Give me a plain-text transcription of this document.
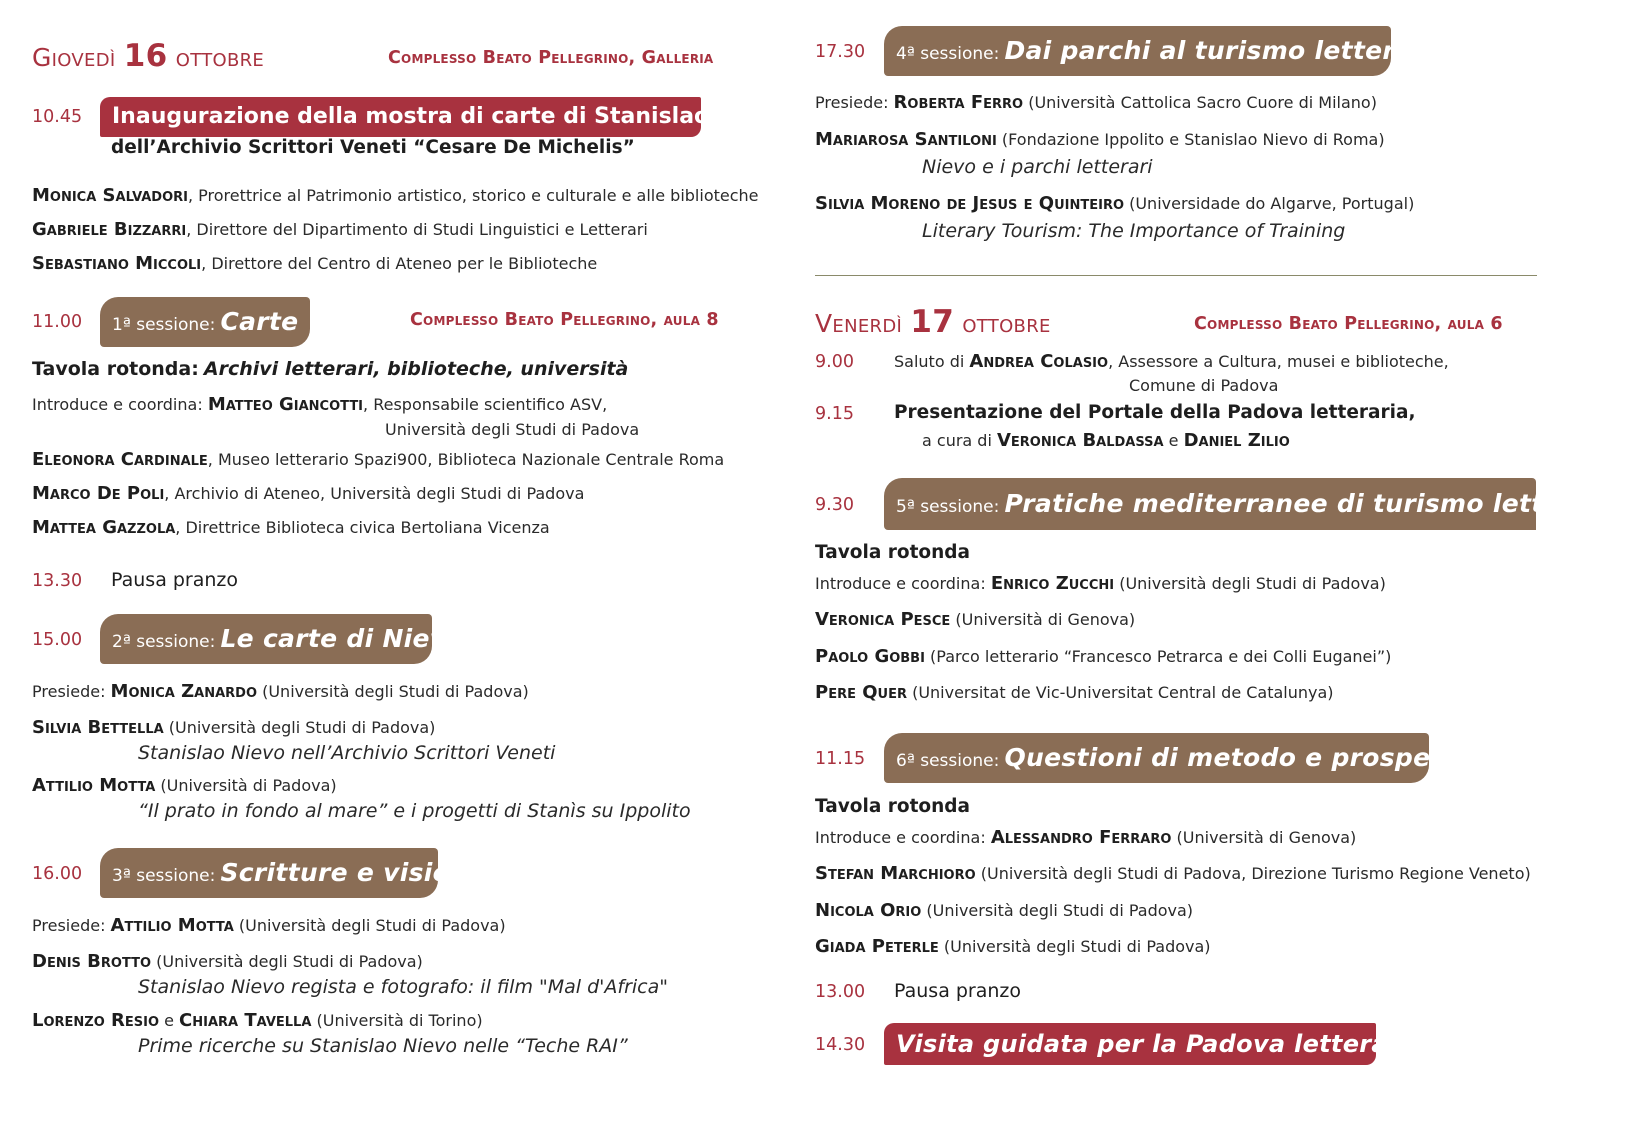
Giovedì 16 ottobre	Complesso Beato Pellegrino, Galleria
10.45	Inaugurazione della mostra di carte di Stanislao Nievo
dell’Archivio Scrittori Veneti “Cesare De Michelis”
Monica Salvadori, Prorettrice al Patrimonio artistico, storico e culturale e alle biblioteche
Gabriele Bizzarri, Direttore del Dipartimento di Studi Linguistici e Letterari
Sebastiano Miccoli, Direttore del Centro di Ateneo per le Biblioteche
11.00	1ª sessione: Carte	Complesso Beato Pellegrino, aula 8
Tavola rotonda: Archivi letterari, biblioteche, università
Introduce e coordina: Matteo Giancotti, Responsabile scientifico ASV,
Università degli Studi di Padova
Eleonora Cardinale, Museo letterario Spazi900, Biblioteca Nazionale Centrale Roma
Marco De Poli, Archivio di Ateneo, Università degli Studi di Padova
Mattea Gazzola, Direttrice Biblioteca civica Bertoliana Vicenza
13.30 Pausa pranzo
15.00	2ª sessione: Le carte di Nievo
Presiede: Monica Zanardo (Università degli Studi di Padova)
Silvia Bettella (Università degli Studi di Padova)
Stanislao Nievo nell’Archivio Scrittori Veneti
Attilio Motta (Università di Padova)
“Il prato in fondo al mare” e i progetti di Stanìs su Ippolito
16.00	3ª sessione: Scritture e visioni
Presiede: Attilio Motta (Università degli Studi di Padova)
Denis Brotto (Università degli Studi di Padova)
Stanislao Nievo regista e fotografo: il film "Mal d'Africa"
Lorenzo Resio e Chiara Tavella (Università di Torino)
Prime ricerche su Stanislao Nievo nelle “Teche RAI”
17.30	4ª sessione: Dai parchi al turismo letterario
Presiede: Roberta Ferro (Università Cattolica Sacro Cuore di Milano)
Mariarosa Santiloni (Fondazione Ippolito e Stanislao Nievo di Roma)
Nievo e i parchi letterari
Silvia Moreno de Jesus e Quinteiro (Universidade do Algarve, Portugal)
Literary Tourism: The Importance of Training
Venerdì 17 ottobre	Complesso Beato Pellegrino, aula 6
9.00	Saluto di Andrea Colasio, Assessore a Cultura, musei e biblioteche,
Comune di Padova
9.15 Presentazione del Portale della Padova letteraria,
a cura di Veronica Baldassa e Daniel Zilio
9.30	5ª sessione: Pratiche mediterranee di turismo letterario
Tavola rotonda
Introduce e coordina: Enrico Zucchi (Università degli Studi di Padova)
Veronica Pesce (Università di Genova)
Paolo Gobbi (Parco letterario “Francesco Petrarca e dei Colli Euganei”)
Pere Quer (Universitat de Vic-Universitat Central de Catalunya)
11.15	6ª sessione: Questioni di metodo e prospettive
Tavola rotonda
Introduce e coordina: Alessandro Ferraro (Università di Genova)
Stefan Marchioro (Università degli Studi di Padova, Direzione Turismo Regione Veneto)
Nicola Orio (Università degli Studi di Padova)
Giada Peterle (Università degli Studi di Padova)
13.00 Pausa pranzo
14.30	Visita guidata per la Padova letteraria
